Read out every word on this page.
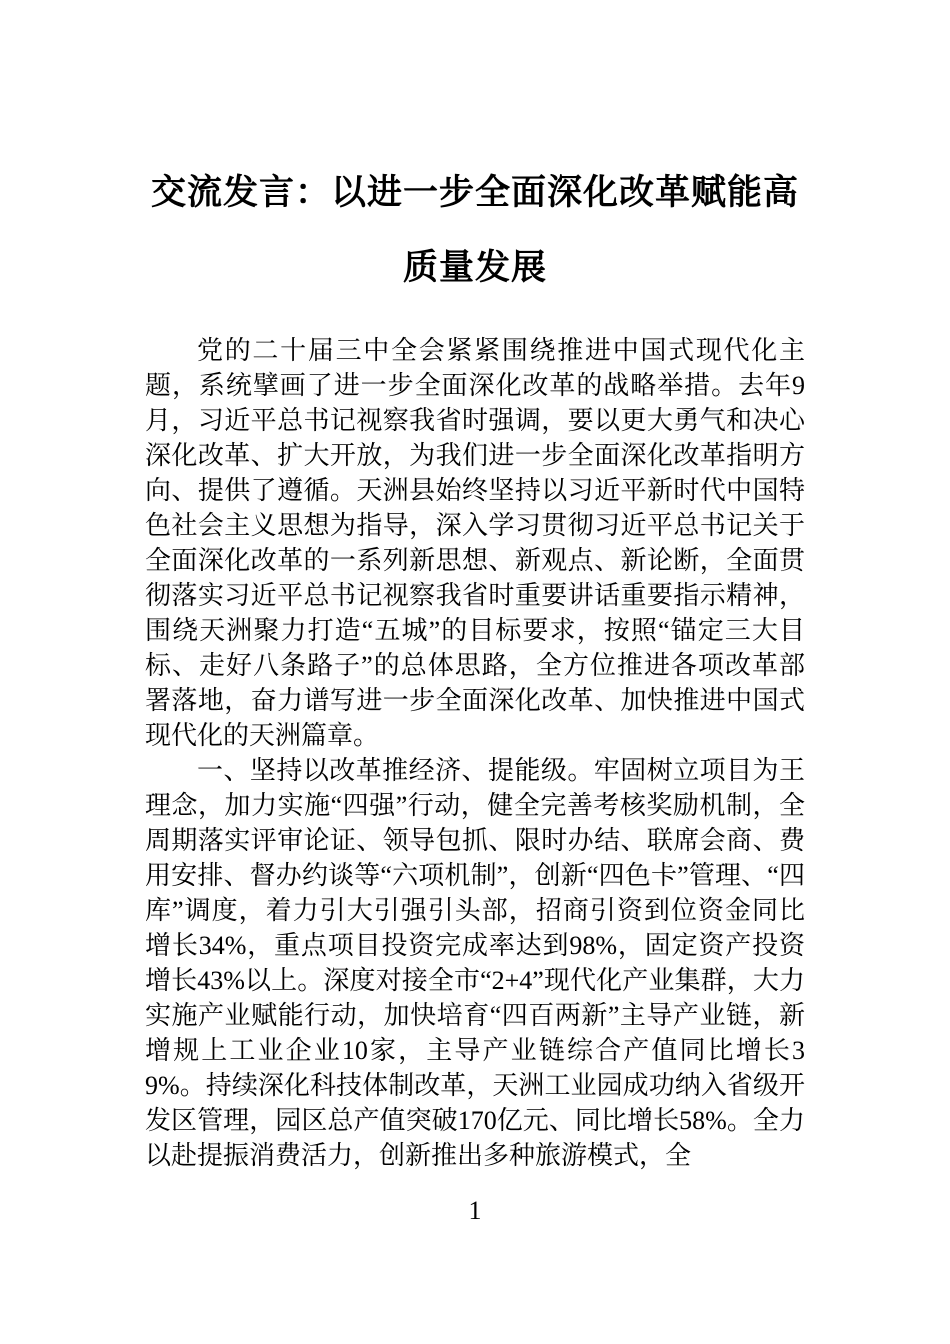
交流发言：以进一步全面深化改革赋能高质量发展

党的二十届三中全会紧紧围绕推进中国式现代化主题，系统擘画了进一步全面深化改革的战略举措。去年9月，习近平总书记视察我省时强调，要以更大勇气和决心深化改革、扩大开放，为我们进一步全面深化改革指明方向、提供了遵循。天洲县始终坚持以习近平新时代中国特色社会主义思想为指导，深入学习贯彻习近平总书记关于全面深化改革的一系列新思想、新观点、新论断，全面贯彻落实习近平总书记视察我省时重要讲话重要指示精神，围绕天洲聚力打造“五城”的目标要求，按照“锚定三大目标、走好八条路子”的总体思路，全方位推进各项改革部署落地，奋力谱写进一步全面深化改革、加快推进中国式现代化的天洲篇章。

一、坚持以改革推经济、提能级。牢固树立项目为王理念，加力实施“四强”行动，健全完善考核奖励机制，全周期落实评审论证、领导包抓、限时办结、联席会商、费用安排、督办约谈等“六项机制”，创新“四色卡”管理、“四库”调度，着力引大引强引头部，招商引资到位资金同比增长34%，重点项目投资完成率达到98%，固定资产投资增长43%以上。深度对接全市“2+4”现代化产业集群，大力实施产业赋能行动，加快培育“四百两新”主导产业链，新增规上工业企业10家，主导产业链综合产值同比增长39%。持续深化科技体制改革，天洲工业园成功纳入省级开发区管理，园区总产值突破170亿元、同比增长58%。全力以赴提振消费活力，创新推出多种旅游模式，全

1
